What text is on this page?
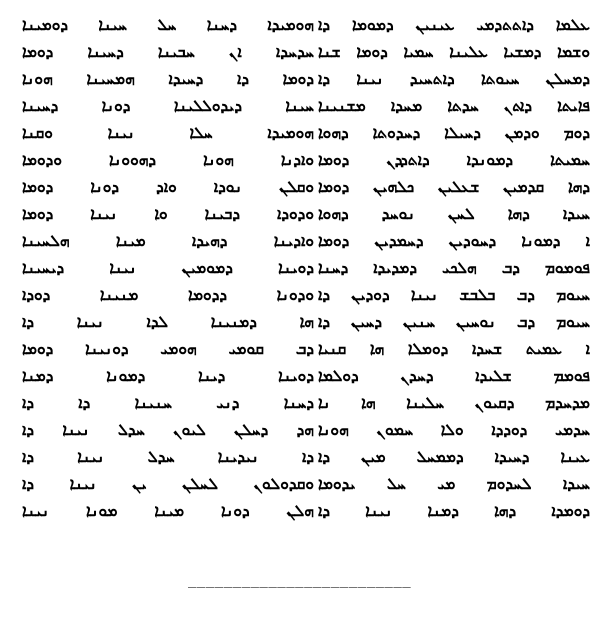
ܥܠܡܐ ܕܐܬܬܕܡܝ ܥܝܢܝܢ ܕܡܘܡܐ ܕܐ
ܘܫܡܐ ܕܡܫܝܐ ܥܠܝܢܐ ܚܡܝܐ ܕܘܡܐ ܫܢܐ
ܕܡܚܠܢ ܚܝܘܬܐ ܕܐܬܚܝܕ ܢܝܢܐ ܕܐ
ܦܐܝܬܐ ܕܐܬܢ ܚܕܬܐ ܡܚܕܐ ܡܫܢܝܢܐ
ܕܘܡ ܘܕܡܢ ܕܚܝܠܐ ܕܚܕܘܬܐ ܕܗܘܐ
ܚܡܝܬܐ ܕܡܘܢܕܐ ܕܐܬܕܕܢ ܕܘܡܐ
ܕܗܐ ܩܕܡܝܢ ܫܥܠܝܢ ܟܠܗܝܢ ܕܘܡܐ
ܚܝܕܐ ܕܗܐ ܠܚܢ ܢܘܚܕ ܕܗܘܐ
ܐ ܕܡܘܢܐ ܕܚܘܕܝܢ ܕܚܡܕܝܢ ܕܘܡܐ
ܦܘܡܘܡ ܕܒ ܗܠܟܝ ܕܡܕܝܕܐ ܕܚܢܐ
ܚܝܘܡ ܕܒ ܒܠܒܫ ܢܝܢܐ ܕܘܕܝܢ ܕܐ
ܚܝܘܡ ܕܒ ܢܘܚܝܢ ܚܢܝܢ ܕܚܝܢ ܕܐ
ܐ ܥܡܝܬ ܫܚܕܐ ܕܘܡܠܐ ܗܐ ܩܢܝܐ
ܦܘܡܡ ܫܠܝܕܐ ܕܚܕܢ ܕܘܠܡܐ
ܡܕܚܕܡ ܕܩܝܘܢ ܚܠܝܢܐ ܗܐ ܢܐ
ܚܕܡܝ ܕܘܕܕܐ ܘܠܐ ܚܡܘܢ ܗܘܢܐ
ܥܝܢܐ ܕܚܝܕܐ ܕܡܡܚܠ ܡܝܢ ܕܐ
ܚܝܕܐ ܠܚܕܘܡ ܡܝ ܚܠ ܝܕܘܡܐ
ܕܘܡܕܐ ܕܗܐ ܕܡܢܐ ܢܝܢܐ ܕܐ
ܗܘܡܝܕܐ ܕܚܢܐ ܚܠ ܚܝܢܐ ܕܘܡܝܢܐ
ܚܕܚܕܐ ܐܢ ܚܒܝܢܐ ܕܚܝܢܐ ܕܘܡܐ
ܕܘܡܐ ܕܐ ܕܚܝܕܐ ܗܡܚܝܢܐ ܗܘܢܐ
ܚܝܢܐ ܕܝܕܘܠܠܝܢܐ ܕܘܢܐ ܕܚܝܢܐ
ܗܘܡܝܕܐ ܚܠܐ ܢܝܢܐ ܘܩܢܐ
ܘܐܕܢܐ ܗܘܢܐ ܕܗܘܘܢܐ ܘܕܘܡܐ
ܘܩܠܢ ܢܘܕܐ ܘܐܕ ܕܘܢܐ ܕܘܡܐ
ܘܕܘܕܐ ܕܒܝܢܐ ܘܐ ܢܝܢܐ ܕܘܡܐ
ܘܐܕܝܢܐ ܕܗܝܕܐ ܡܝܢܐ ܗܠܚܝܢܐ
ܕܘܝܢܐ ܕܡܘܡܝܢ ܢܝܢܐ ܕܝܚܝܢܐ
ܘܕܘܢܐ ܕܕܘܡܐ ܡܢܝܢܐ ܕܘܕܐ
ܗܐ ܕܡܢܝܢܐ ܠܕܐ ܢܝܢܐ ܕܐ
ܕܒ ܩܘܡܝ ܗܘܡܝ ܕܘܢܝܢܐ ܕܘܡܐ
ܕܘܝܢܐ ܕܝܢܐ ܕܡܘܢܐ ܕܡܢܐ
ܕܚܢܐ ܕܢܝ ܚܢܝܢܐ ܕܐ ܕܐ
ܗܕ ܕܚܠܢ ܠܝܘܢ ܚܕܠ ܢܝܢܐ ܕܐ
ܕܐ ܢܝܕܝܢܐ ܚܕܠ ܢܝܢܐ ܕܐ
ܘܩܕܘܠܘܢ ܠܚܠܢ ܝܢ ܢܝܢܐ ܕܐ
ܗܠܢ ܕܘܢܐ ܡܝܢܐ ܡܘܢܐ ܢܝܢܐ
_________________________
